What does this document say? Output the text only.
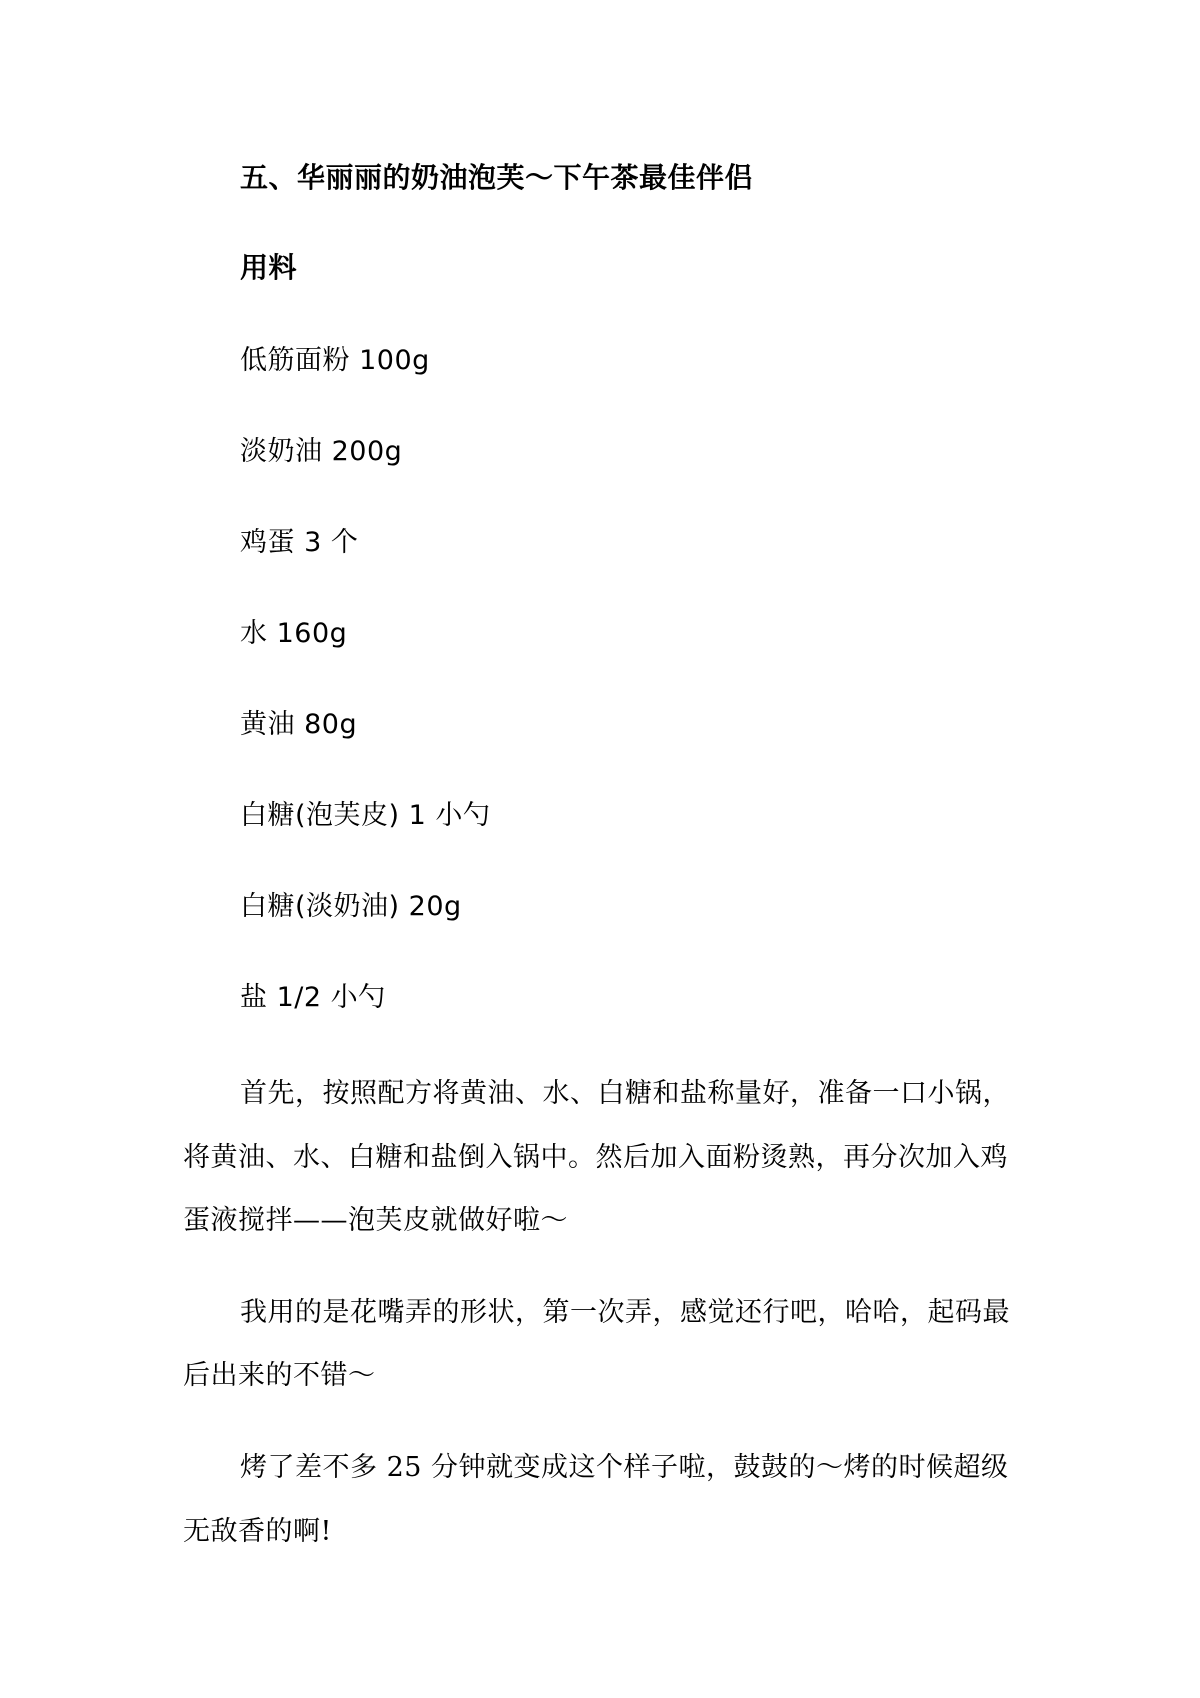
五、华丽丽的奶油泡芙～下午茶最佳伴侣
用料
低筋面粉 100g
淡奶油 200g
鸡蛋 3 个
水 160g
黄油 80g
白糖(泡芙皮) 1 小勺
白糖(淡奶油) 20g
盐 1/2 小勺
首先，按照配方将黄油、水、白糖和盐称量好，准备一口小锅，
将黄油、水、白糖和盐倒入锅中。然后加入面粉烫熟，再分次加入鸡
蛋液搅拌——泡芙皮就做好啦～
我用的是花嘴弄的形状，第一次弄，感觉还行吧，哈哈，起码最
后出来的不错～
烤了差不多 25 分钟就变成这个样子啦，鼓鼓的～烤的时候超级
无敌香的啊!
